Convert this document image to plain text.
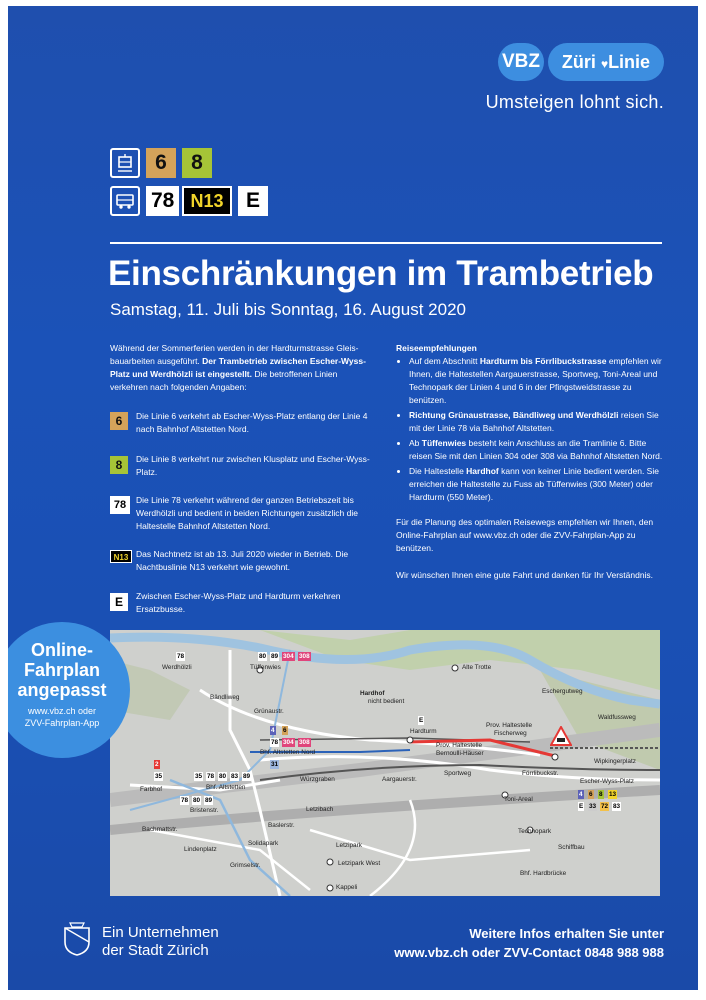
VBZ	Züri ♥Linie
Umsteigen lohnt sich.
6	8
78 N13	E
Einschränkungen im Trambetrieb
Samstag, 11. Juli bis Sonntag, 16. August 2020
Während der Sommerferien werden in der Hardturmstrasse Gleisbauarbeiten ausgeführt. Der Trambetrieb zwischen Escher-Wyss-Platz und Werdhölzli ist eingestellt. Die betroffenen Linien verkehren nach folgenden Angaben:
6	Die Linie 6 verkehrt ab Escher-Wyss-Platz entlang der Linie 4 nach Bahnhof Altstetten Nord.
8	Die Linie 8 verkehrt nur zwischen Klusplatz und Escher-Wyss-Platz.
78	Die Linie 78 verkehrt während der ganzen Betriebszeit bis Werdhölzli und bedient in beiden Richtungen zusätzlich die Haltestelle Bahnhof Altstetten Nord.
N13 Das Nachtnetz ist ab 13. Juli 2020 wieder in Betrieb. Die Nachtbuslinie N13 verkehrt wie gewohnt.
E	Zwischen Escher-Wyss-Platz und Hardturm verkehren Ersatzbusse.
Reiseempfehlungen
• Auf dem Abschnitt Hardturm bis Förrlibuckstrasse empfehlen wir Ihnen, die Haltestellen Aargauerstrasse, Sportweg, Toni-Areal und Technopark der Linien 4 und 6 in der Pfingstweidstrasse zu benützen.
• Richtung Grünaustrasse, Bändliweg und Werdhölzli reisen Sie mit der Linie 78 via Bahnhof Altstetten.
• Ab Tüffenwies besteht kein Anschluss an die Tramlinie 6. Bitte reisen Sie mit den Linien 304 oder 308 via Bahnhof Altstetten Nord.
• Die Haltestelle Hardhof kann von keiner Linie bedient werden. Sie erreichen die Haltestelle zu Fuss ab Tüffenwies (300 Meter) oder Hardturm (550 Meter).
Für die Planung des optimalen Reisewegs empfehlen wir Ihnen, den Online-Fahrplan auf www.vbz.ch oder die ZVV-Fahrplan-App zu benützen.
Wir wünschen Ihnen eine gute Fahrt und danken für Ihr Verständnis.
Werdhölzli
78
Tüffenwies
80 89 304 308
Bändliweg
Grünaustr.
4 6
78 304 308
Bhf. Altstetten Nord
Hardhof
nicht bedient
E
Hardturm
Prov. Haltestelle
Fischerweg
Prov. Haltestelle
Bernoulli-Häuser
Alte Trotte
Eschergutweg
Waldfussweg
Wipkingerplatz
Förrlibuckstr.
Escher-Wyss-Platz
4 6 8 13
E 33 72 83
Toni-Areal
Technopark
Schiffbau
Bhf. Hardbrücke
Sportweg
Aargauerstr.
Würzgraben
31
2
35
Farbhof
35 78 80 83 89
Bhf. Altstetten
78 80 89
Bristenstr.	Letzibach
Baslerstr.
Bachmattstr.
Lindenplatz
Solidapark
Grimselstr.
Letzipark
Letzipark West
Kappeli
Online-
Fahrplan
angepasst
www.vbz.ch oder
ZVV-Fahrplan-App
Ein Unternehmen
der Stadt Zürich
Weitere Infos erhalten Sie unter
www.vbz.ch oder ZVV-Contact 0848 988 988
